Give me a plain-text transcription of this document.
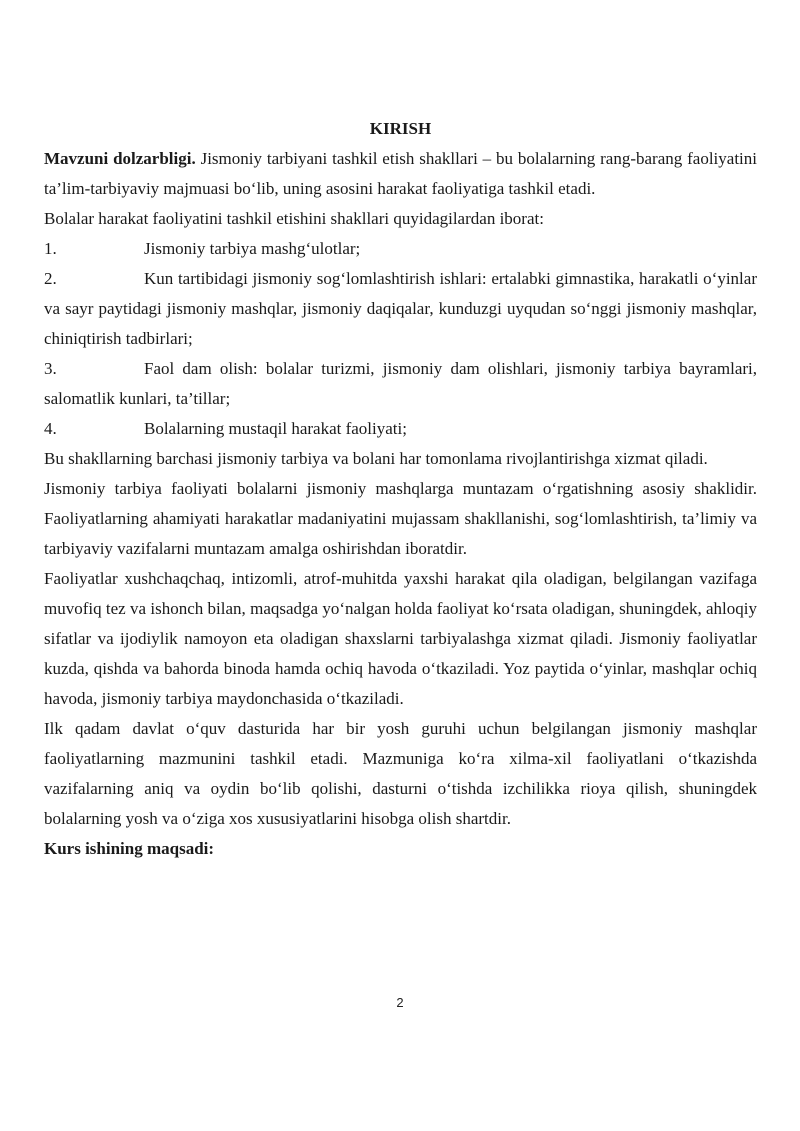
KIRISH

Mavzuni dolzarbligi. Jismoniy tarbiyani tashkil etish shakllari – bu bolalarning rang-barang faoliyatini ta’lim-tarbiyaviy majmuasi bo‘lib, uning asosini harakat faoliyatiga tashkil etadi.

Bolalar harakat faoliyatini tashkil etishini shakllari quyidagilardan iborat:

1.	Jismoniy tarbiya mashg‘ulotlar;
2.	Kun tartibidagi jismoniy sog‘lomlashtirish ishlari: ertalabki gimnastika, harakatli o‘yinlar va sayr paytidagi jismoniy mashqlar, jismoniy daqiqalar, kunduzgi uyqudan so‘nggi jismoniy mashqlar, chiniqtirish tadbirlari;
3.	Faol dam olish: bolalar turizmi, jismoniy dam olishlari, jismoniy tarbiya bayramlari, salomatlik kunlari, ta’tillar;
4.	Bolalarning mustaqil harakat faoliyati;

Bu shakllarning barchasi jismoniy tarbiya va bolani har tomonlama rivojlantirishga xizmat qiladi.

Jismoniy tarbiya faoliyati bolalarni jismoniy mashqlarga muntazam o‘rgatishning asosiy shaklidir. Faoliyatlarning ahamiyati harakatlar madaniyatini mujassam shakllanishi, sog‘lomlashtirish, ta’limiy va tarbiyaviy vazifalarni muntazam amalga oshirishdan iboratdir.

Faoliyatlar xushchaqchaq, intizomli, atrof-muhitda yaxshi harakat qila oladigan, belgilangan vazifaga muvofiq tez va ishonch bilan, maqsadga yo‘nalgan holda faoliyat ko‘rsata oladigan, shuningdek, ahloqiy sifatlar va ijodiylik namoyon eta oladigan shaxslarni tarbiyalashga xizmat qiladi. Jismoniy faoliyatlar kuzda, qishda va bahorda binoda hamda ochiq havoda o‘tkaziladi. Yoz paytida o‘yinlar, mashqlar ochiq havoda, jismoniy tarbiya maydonchasida o‘tkaziladi.

Ilk qadam davlat o‘quv dasturida har bir yosh guruhi uchun belgilangan jismoniy mashqlar faoliyatlarning mazmunini tashkil etadi. Mazmuniga ko‘ra xilma-xil faoliyatlani o‘tkazishda vazifalarning aniq va oydin bo‘lib qolishi, dasturni o‘tishda izchilikka rioya qilish, shuningdek bolalarning yosh va o‘ziga xos xususiyatlarini hisobga olish shartdir.

Kurs ishining maqsadi:

2
